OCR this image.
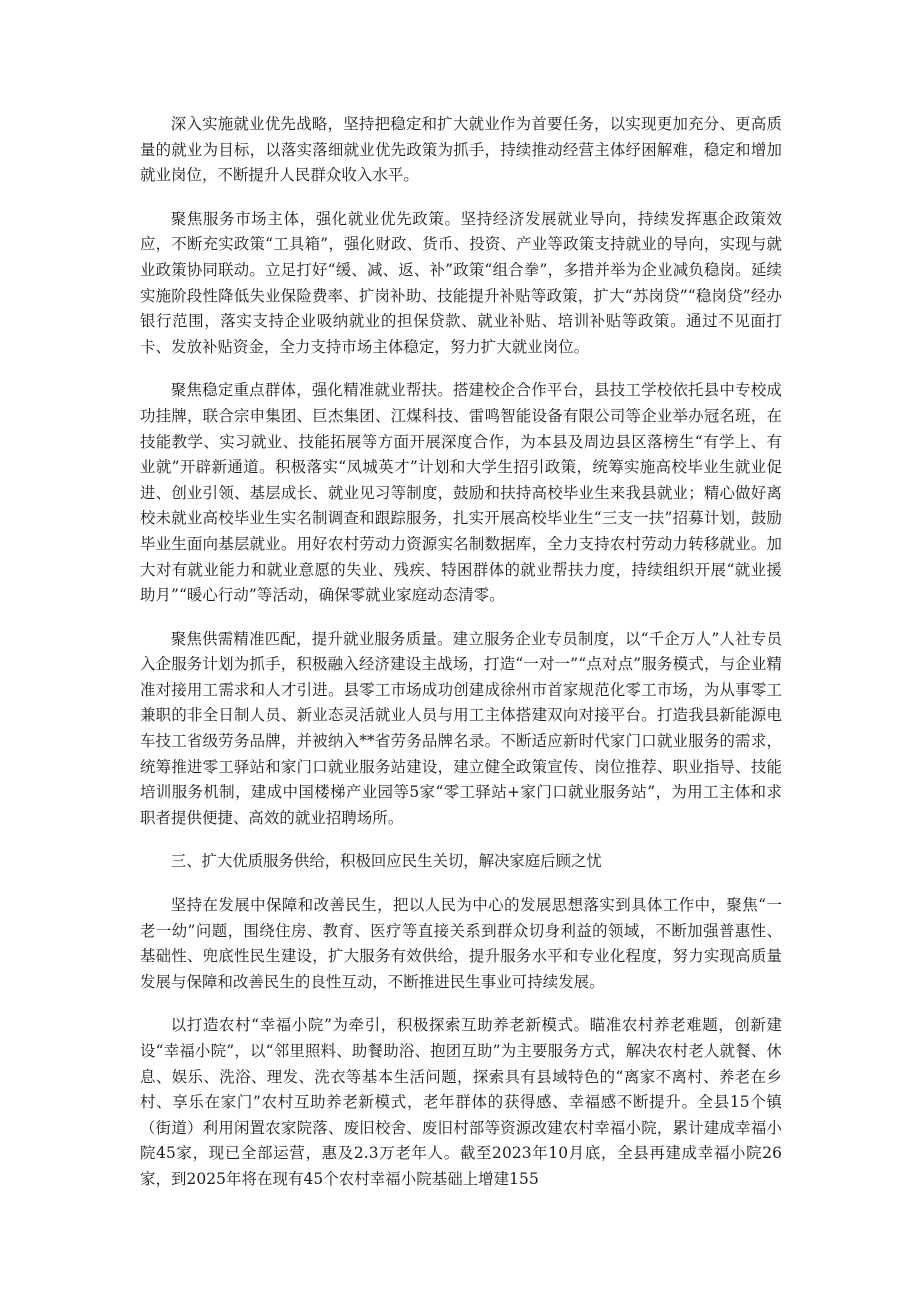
深入实施就业优先战略，坚持把稳定和扩大就业作为首要任务，以实现更加充分、更高质量的就业为目标，以落实落细就业优先政策为抓手，持续推动经营主体纾困解难，稳定和增加就业岗位，不断提升人民群众收入水平。

聚焦服务市场主体，强化就业优先政策。坚持经济发展就业导向，持续发挥惠企政策效应，不断充实政策“工具箱”，强化财政、货币、投资、产业等政策支持就业的导向，实现与就业政策协同联动。立足打好“缓、减、返、补”政策“组合拳”，多措并举为企业减负稳岗。延续实施阶段性降低失业保险费率、扩岗补助、技能提升补贴等政策，扩大“苏岗贷”“稳岗贷”经办银行范围，落实支持企业吸纳就业的担保贷款、就业补贴、培训补贴等政策。通过不见面打卡、发放补贴资金，全力支持市场主体稳定，努力扩大就业岗位。

聚焦稳定重点群体，强化精准就业帮扶。搭建校企合作平台，县技工学校依托县中专校成功挂牌，联合宗申集团、巨杰集团、江煤科技、雷鸣智能设备有限公司等企业举办冠名班，在技能教学、实习就业、技能拓展等方面开展深度合作，为本县及周边县区落榜生“有学上、有业就”开辟新通道。积极落实“凤城英才”计划和大学生招引政策，统筹实施高校毕业生就业促进、创业引领、基层成长、就业见习等制度，鼓励和扶持高校毕业生来我县就业；精心做好离校未就业高校毕业生实名制调查和跟踪服务，扎实开展高校毕业生“三支一扶”招募计划，鼓励毕业生面向基层就业。用好农村劳动力资源实名制数据库，全力支持农村劳动力转移就业。加大对有就业能力和就业意愿的失业、残疾、特困群体的就业帮扶力度，持续组织开展“就业援助月”“暖心行动”等活动，确保零就业家庭动态清零。

聚焦供需精准匹配，提升就业服务质量。建立服务企业专员制度，以“千企万人”人社专员入企服务计划为抓手，积极融入经济建设主战场，打造“一对一”“点对点”服务模式，与企业精准对接用工需求和人才引进。县零工市场成功创建成徐州市首家规范化零工市场，为从事零工兼职的非全日制人员、新业态灵活就业人员与用工主体搭建双向对接平台。打造我县新能源电车技工省级劳务品牌，并被纳入**省劳务品牌名录。不断适应新时代家门口就业服务的需求，统筹推进零工驿站和家门口就业服务站建设，建立健全政策宣传、岗位推荐、职业指导、技能培训服务机制，建成中国楼梯产业园等5家“零工驿站+家门口就业服务站”，为用工主体和求职者提供便捷、高效的就业招聘场所。

三、扩大优质服务供给，积极回应民生关切，解决家庭后顾之忧

坚持在发展中保障和改善民生，把以人民为中心的发展思想落实到具体工作中，聚焦“一老一幼”问题，围绕住房、教育、医疗等直接关系到群众切身利益的领域，不断加强普惠性、基础性、兜底性民生建设，扩大服务有效供给，提升服务水平和专业化程度，努力实现高质量发展与保障和改善民生的良性互动，不断推进民生事业可持续发展。

以打造农村“幸福小院”为牵引，积极探索互助养老新模式。瞄准农村养老难题，创新建设“幸福小院”，以“邻里照料、助餐助浴、抱团互助”为主要服务方式，解决农村老人就餐、休息、娱乐、洗浴、理发、洗衣等基本生活问题，探索具有县域特色的“离家不离村、养老在乡村、享乐在家门”农村互助养老新模式，老年群体的获得感、幸福感不断提升。全县15个镇（街道）利用闲置农家院落、废旧校舍、废旧村部等资源改建农村幸福小院，累计建成幸福小院45家，现已全部运营，惠及2.3万老年人。截至2023年10月底，全县再建成幸福小院26家，到2025年将在现有45个农村幸福小院基础上增建155
